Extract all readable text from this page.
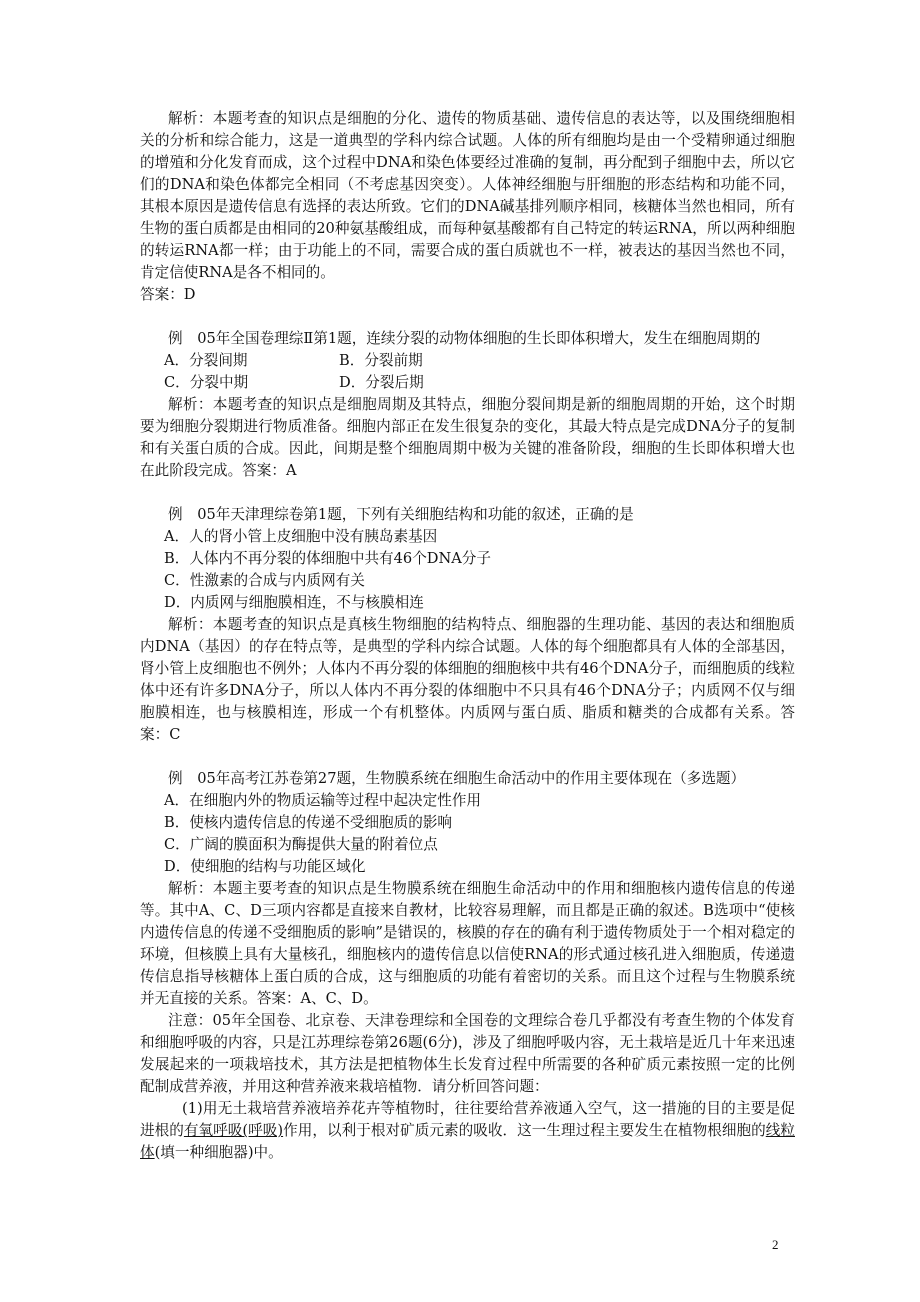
解析：本题考查的知识点是细胞的分化、遗传的物质基础、遗传信息的表达等，以及围绕细胞相关的分析和综合能力，这是一道典型的学科内综合试题。人体的所有细胞均是由一个受精卵通过细胞的增殖和分化发育而成，这个过程中DNA和染色体要经过准确的复制，再分配到子细胞中去，所以它们的DNA和染色体都完全相同（不考虑基因突变）。人体神经细胞与肝细胞的形态结构和功能不同，其根本原因是遗传信息有选择的表达所致。它们的DNA碱基排列顺序相同，核糖体当然也相同，所有生物的蛋白质都是由相同的20种氨基酸组成，而每种氨基酸都有自己特定的转运RNA，所以两种细胞的转运RNA都一样；由于功能上的不同，需要合成的蛋白质就也不一样，被表达的基因当然也不同，肯定信使RNA是各不相同的。

答案：D

例　05年全国卷理综Ⅱ第1题，连续分裂的动物体细胞的生长即体积增大，发生在细胞周期的

A．分裂间期	B．分裂前期
C．分裂中期	D．分裂后期

解析：本题考查的知识点是细胞周期及其特点，细胞分裂间期是新的细胞周期的开始，这个时期要为细胞分裂期进行物质准备。细胞内部正在发生很复杂的变化，其最大特点是完成DNA分子的复制和有关蛋白质的合成。因此，间期是整个细胞周期中极为关键的准备阶段，细胞的生长即体积增大也在此阶段完成。答案：A

例　05年天津理综卷第1题，下列有关细胞结构和功能的叙述，正确的是

A．人的肾小管上皮细胞中没有胰岛素基因

B．人体内不再分裂的体细胞中共有46个DNA分子

C．性激素的合成与内质网有关

D．内质网与细胞膜相连，不与核膜相连

解析：本题考查的知识点是真核生物细胞的结构特点、细胞器的生理功能、基因的表达和细胞质内DNA（基因）的存在特点等，是典型的学科内综合试题。人体的每个细胞都具有人体的全部基因，肾小管上皮细胞也不例外；人体内不再分裂的体细胞的细胞核中共有46个DNA分子，而细胞质的线粒体中还有许多DNA分子，所以人体内不再分裂的体细胞中不只具有46个DNA分子；内质网不仅与细胞膜相连，也与核膜相连，形成一个有机整体。内质网与蛋白质、脂质和糖类的合成都有关系。答案：C

例　05年高考江苏卷第27题，生物膜系统在细胞生命活动中的作用主要体现在（多选题）

A．在细胞内外的物质运输等过程中起决定性作用

B．使核内遗传信息的传递不受细胞质的影响

C．广阔的膜面积为酶提供大量的附着位点

D．使细胞的结构与功能区域化

解析：本题主要考查的知识点是生物膜系统在细胞生命活动中的作用和细胞核内遗传信息的传递等。其中A、C、D三项内容都是直接来自教材，比较容易理解，而且都是正确的叙述。B选项中“使核内遗传信息的传递不受细胞质的影响”是错误的，核膜的存在的确有利于遗传物质处于一个相对稳定的环境，但核膜上具有大量核孔，细胞核内的遗传信息以信使RNA的形式通过核孔进入细胞质，传递遗传信息指导核糖体上蛋白质的合成，这与细胞质的功能有着密切的关系。而且这个过程与生物膜系统并无直接的关系。答案：A、C、D。

注意：05年全国卷、北京卷、天津卷理综和全国卷的文理综合卷几乎都没有考查生物的个体发育和细胞呼吸的内容，只是江苏理综卷第26题(6分)，涉及了细胞呼吸内容，无土栽培是近几十年来迅速发展起来的一项栽培技术，其方法是把植物体生长发育过程中所需要的各种矿质元素按照一定的比例配制成营养液，并用这种营养液来栽培植物．请分析回答问题：

(1)用无土栽培营养液培养花卉等植物时，往往要给营养液通入空气，这一措施的目的主要是促进根的有氧呼吸(呼吸)作用，以利于根对矿质元素的吸收．这一生理过程主要发生在植物根细胞的线粒体(填一种细胞器)中。

2
